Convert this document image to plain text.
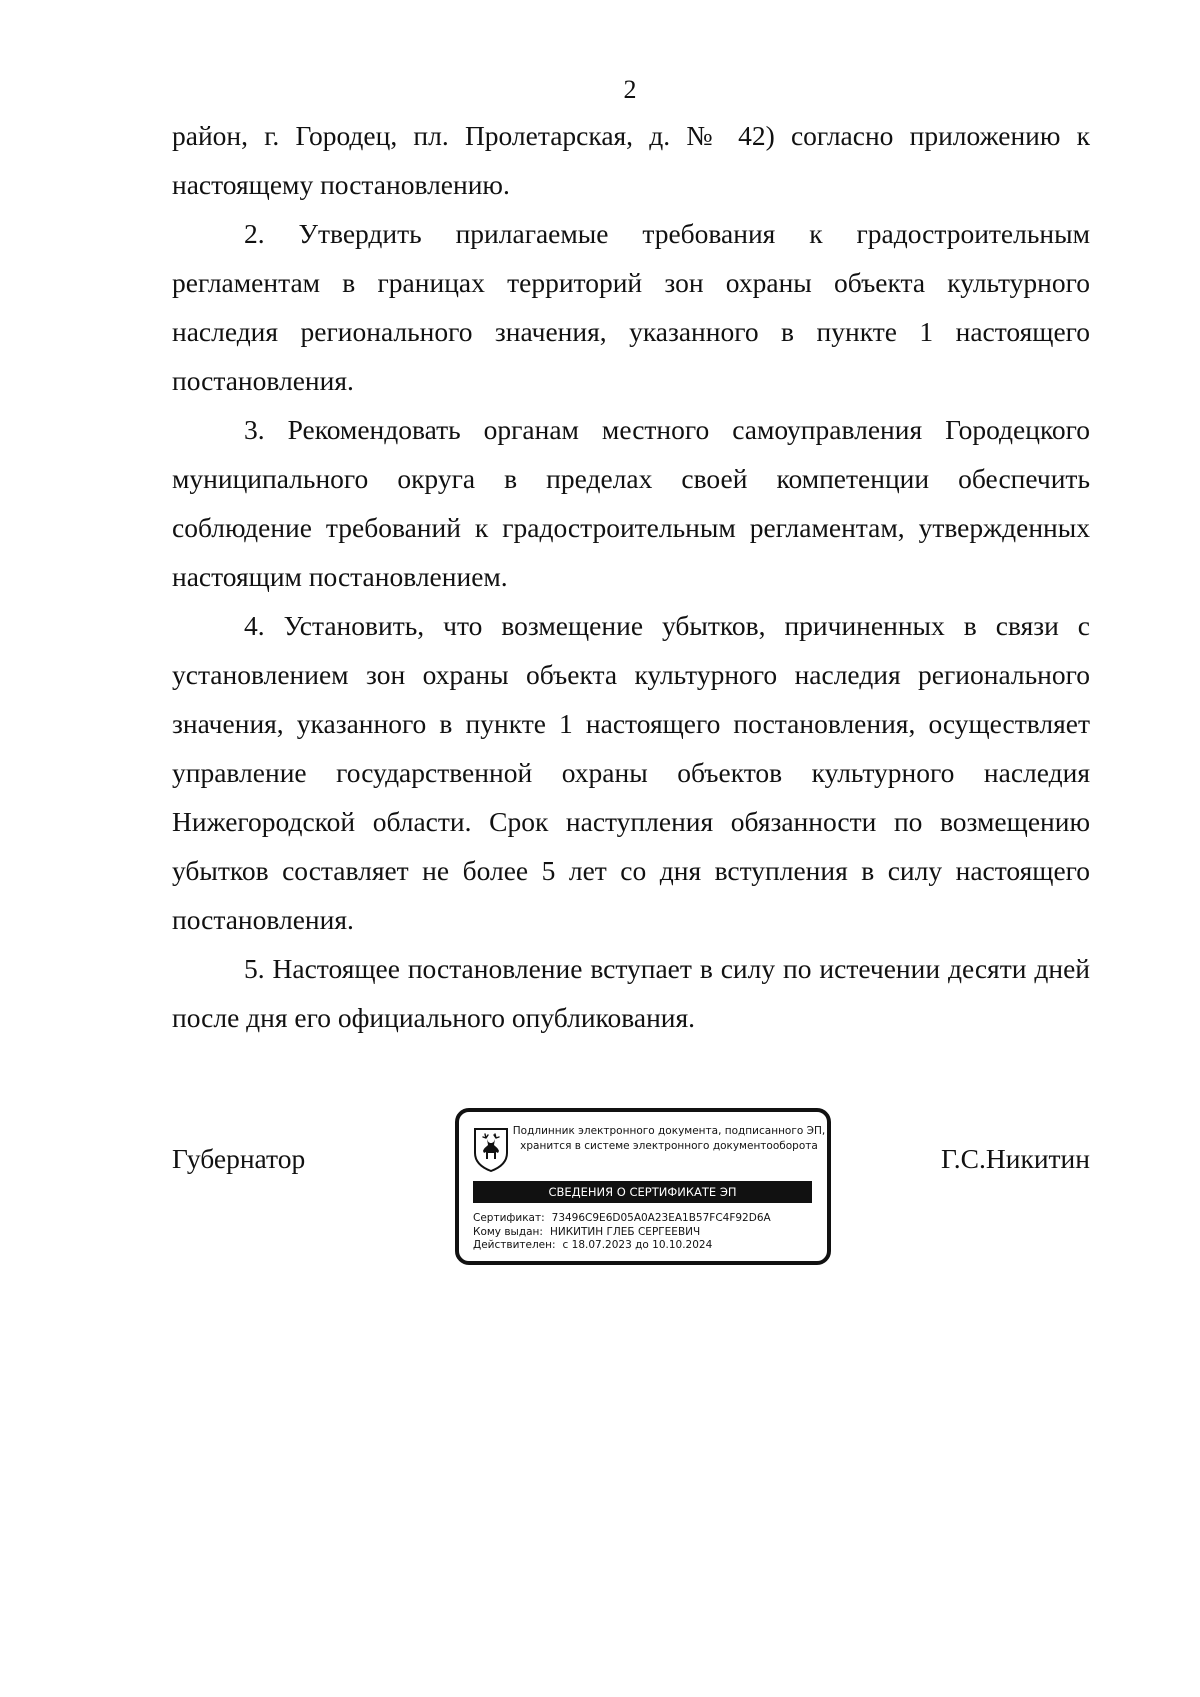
2

район, г. Городец, пл. Пролетарская, д. № 42) согласно приложению к настоящему постановлению.

2. Утвердить прилагаемые требования к градостроительным регламентам в границах территорий зон охраны объекта культурного наследия регионального значения, указанного в пункте 1 настоящего постановления.

3. Рекомендовать органам местного самоуправления Городецкого муниципального округа в пределах своей компетенции обеспечить соблюдение требований к градостроительным регламентам, утвержденных настоящим постановлением.

4. Установить, что возмещение убытков, причиненных в связи с установлением зон охраны объекта культурного наследия регионального значения, указанного в пункте 1 настоящего постановления, осуществляет управление государственной охраны объектов культурного наследия Нижегородской области. Срок наступления обязанности по возмещению убытков составляет не более 5 лет со дня вступления в силу настоящего постановления.

5. Настоящее постановление вступает в силу по истечении десяти дней после дня его официального опубликования.

Губернатор
Подлинник электронного документа, подписанного ЭП,
хранится в системе электронного документооборота
СВЕДЕНИЯ О СЕРТИФИКАТЕ ЭП
Сертификат: 73496C9E6D05A0A23EA1B57FC4F92D6A
Кому выдан: НИКИТИН ГЛЕБ СЕРГЕЕВИЧ
Действителен: с 18.07.2023 до 10.10.2024
Г.С.Никитин
